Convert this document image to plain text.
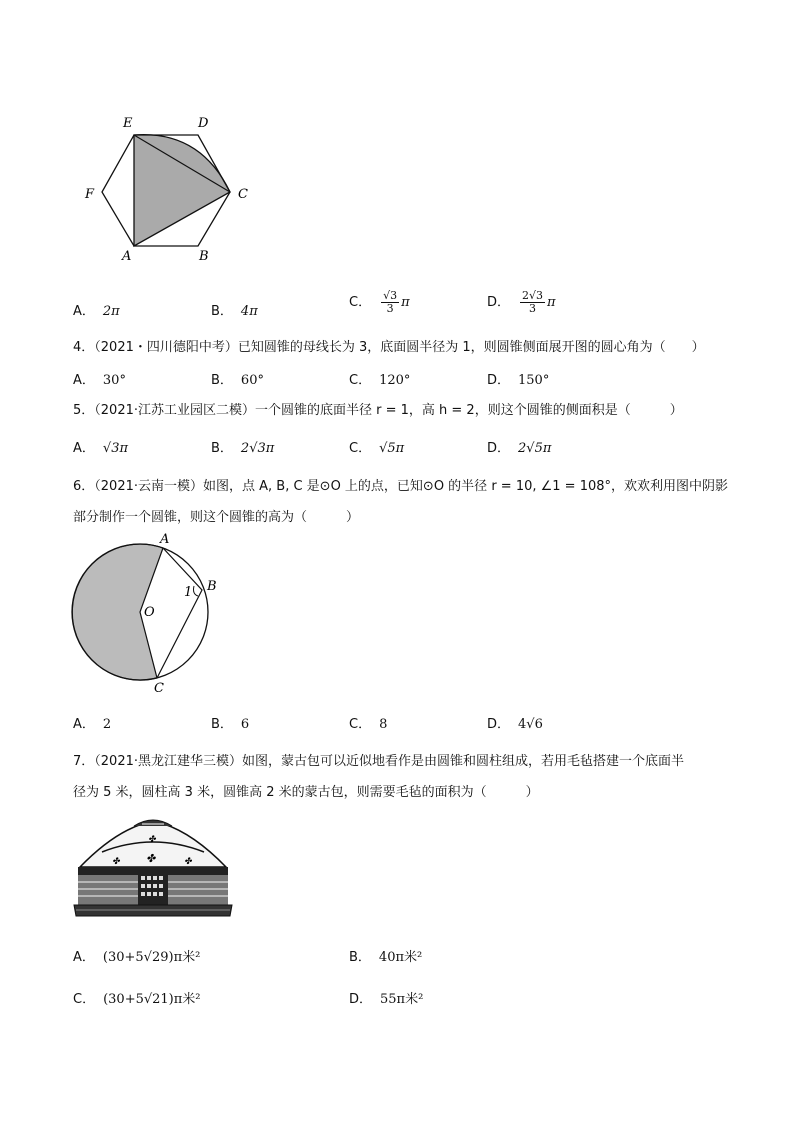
E	D
F	C
A	B
A． 2π	B． 4π
C． $\frac{√3}{3}$ π	D． $\frac{2√3}{3}$ π
4．（2021・四川德阳中考）已知圆锥的母线长为 3，底面圆半径为 1，则圆锥侧面展开图的圆心角为（　　）
A． 30°	B． 60°	C． 120°	D． 150°
5．（2021·江苏工业园区二模）一个圆锥的底面半径 r = 1，高 h = 2，则这个圆锥的侧面积是（　　　）
A． √3π	B． 2√3π	C． √5π	D． 2√5π
6．（2021·云南一模）如图，点 A, B, C 是⊙O 上的点，已知⊙O 的半径 r = 10, ∠1 = 108°，欢欢利用图中阴影
部分制作一个圆锥，则这个圆锥的高为（　　　）
A
B
O
C
1
A． 2	B． 6	C． 8	D． 4√6
7．（2021·黑龙江建华三模）如图，蒙古包可以近似地看作是由圆锥和圆柱组成，若用毛毡搭建一个底面半
径为 5 米，圆柱高 3 米，圆锥高 2 米的蒙古包，则需要毛毡的面积为（　　　）
✤
✤
✤	✤
A． (30+5√29)π米²	B． 40π米²
C． (30+5√21)π米²	D． 55π米²
